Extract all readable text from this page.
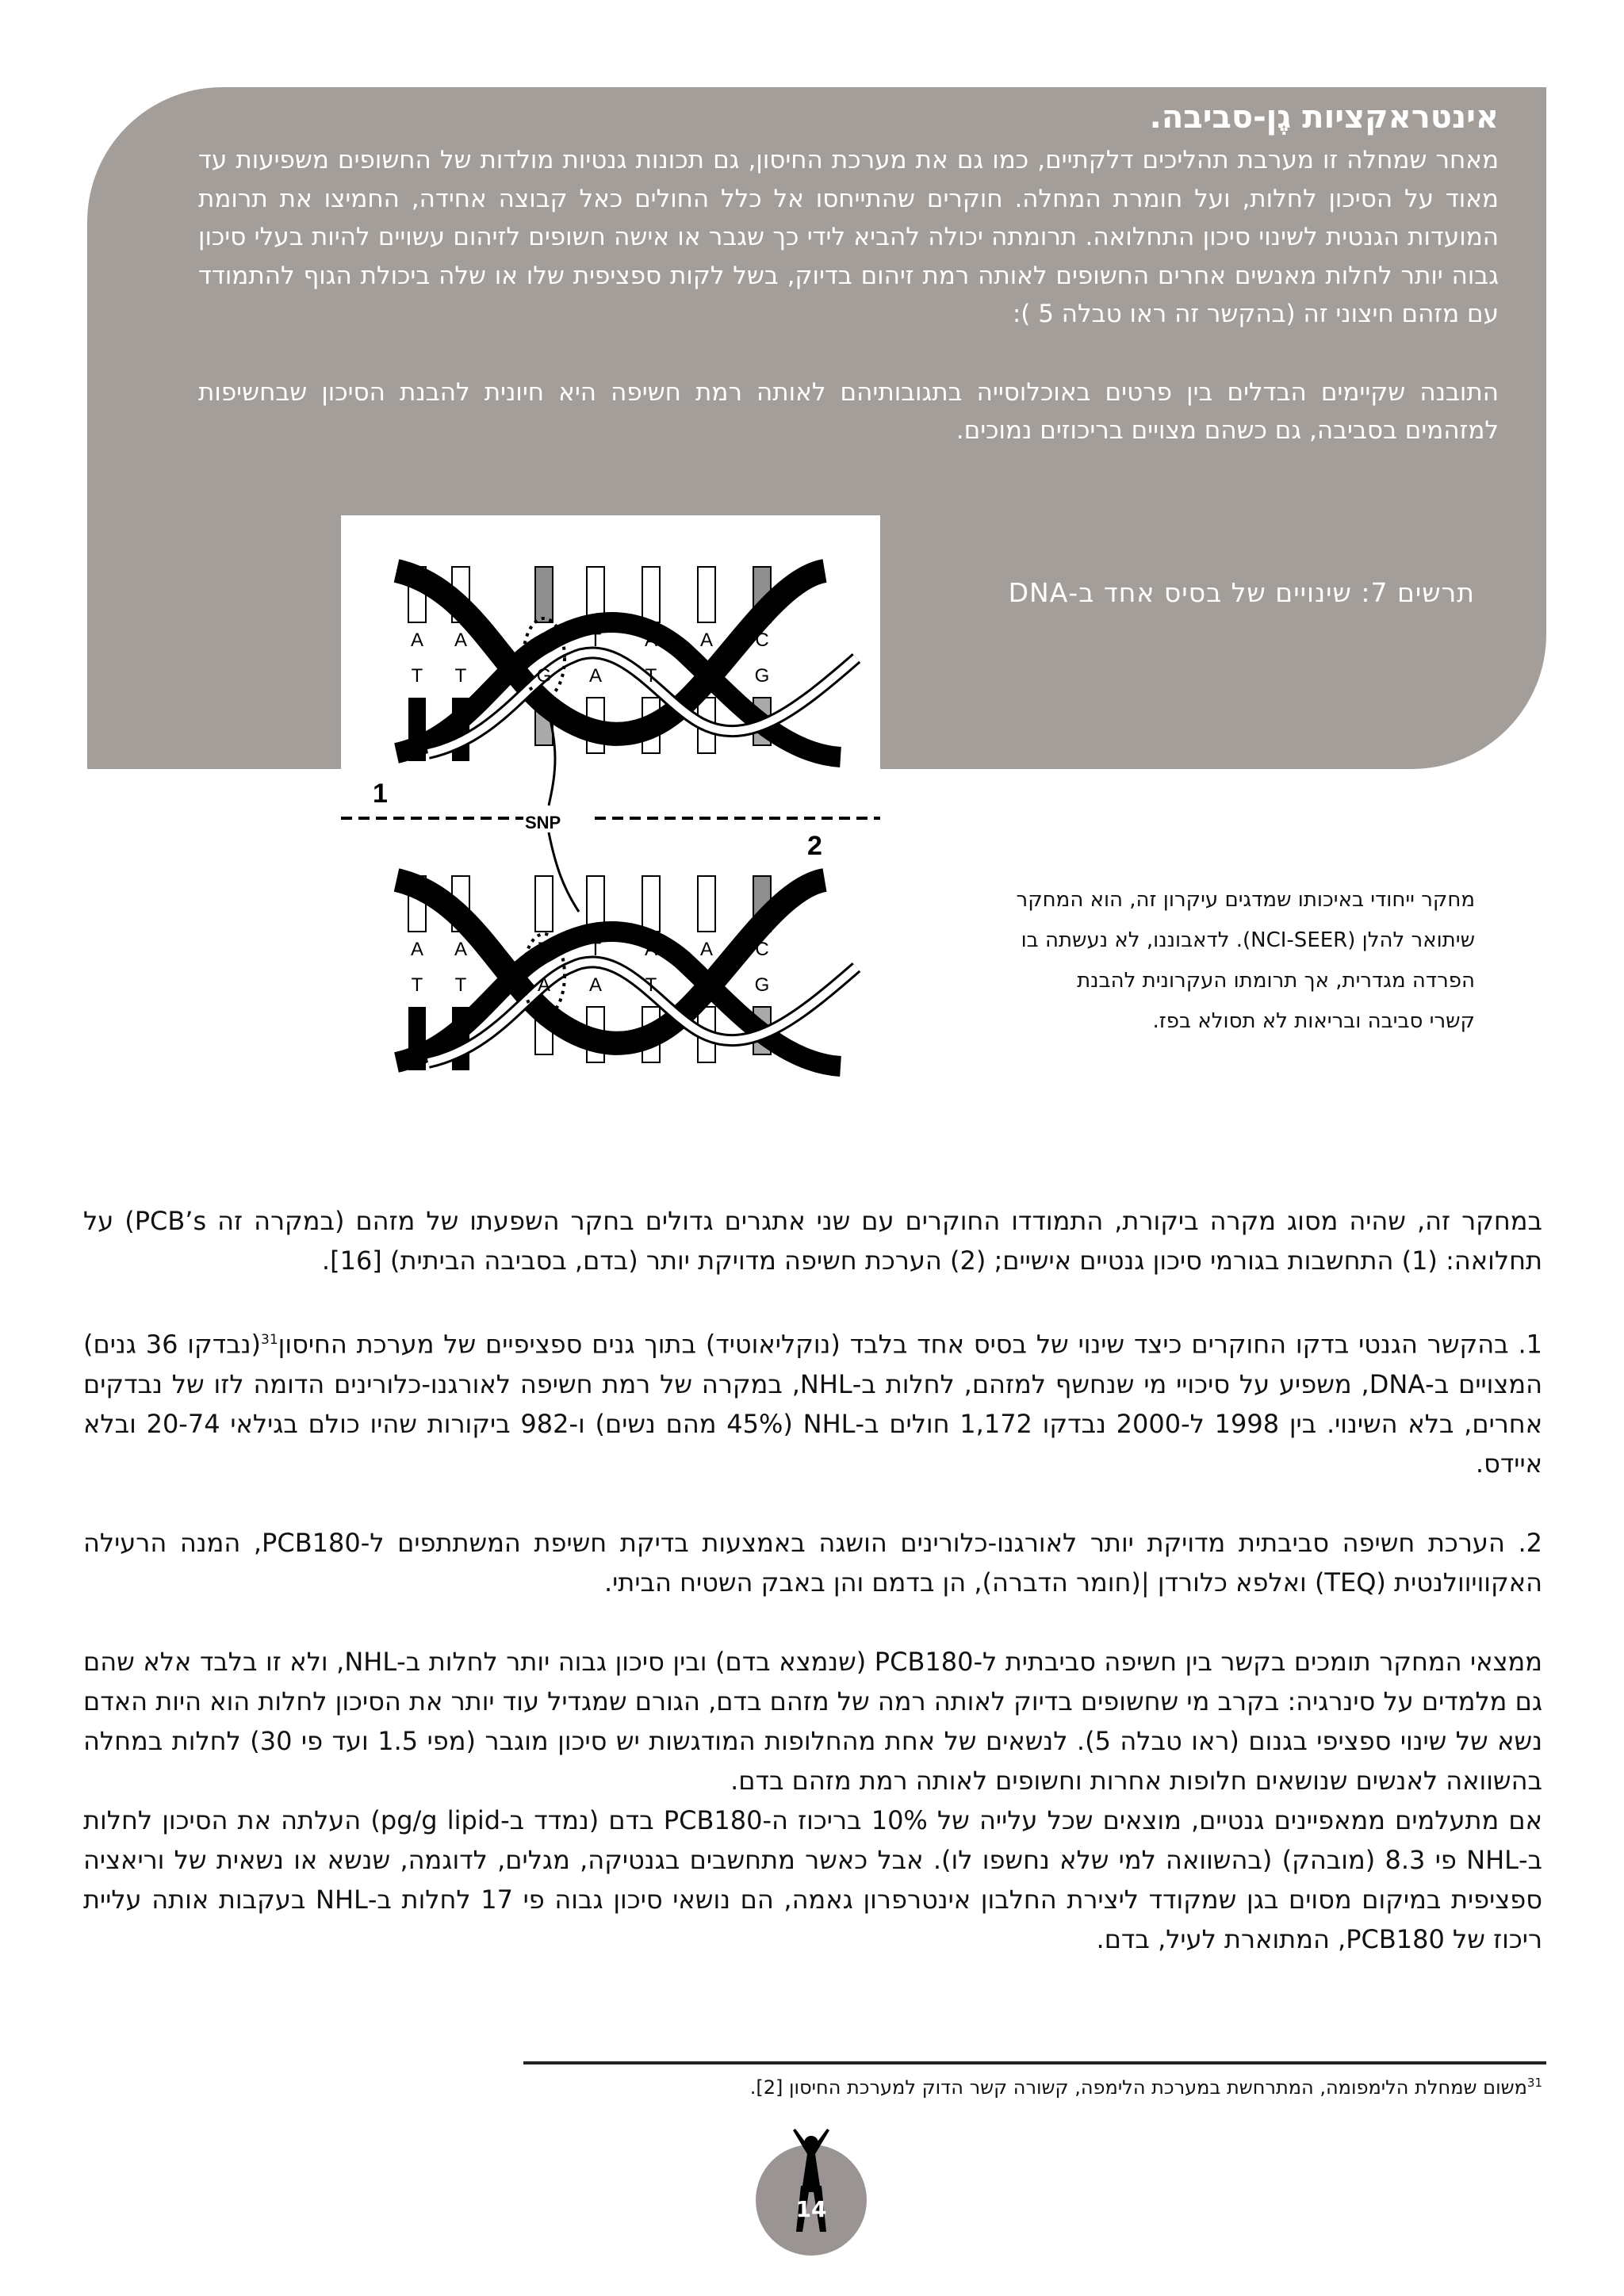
אינטראקציות גֶן-סביבה.

מאחר שמחלה זו מערבת תהליכים דלקתיים, כמו גם את מערכת החיסון, גם תכונות גנטיות מולדות של החשופים משפיעות עד מאוד על הסיכון לחלות, ועל חומרת המחלה. חוקרים שהתייחסו אל כלל החולים כאל קבוצה אחידה, החמיצו את תרומת המועדות הגנטית לשינוי סיכון התחלואה. תרומתה יכולה להביא לידי כך שגבר או אישה חשופים לזיהום עשויים להיות בעלי סיכון גבוה יותר לחלות מאנשים אחרים החשופים לאותה רמת זיהום בדיוק, בשל לקות ספציפית שלו או שלה ביכולת הגוף להתמודד עם מזהם חיצוני זה (בהקשר זה ראו טבלה 5 ):

התובנה שקיימים הבדלים בין פרטים באוכלוסייה בתגובותיהם לאותה רמת חשיפה היא חיונית להבנת הסיכון שבחשיפות למזהמים בסביבה, גם כשהם מצויים בריכוזים נמוכים.

תרשים 7: שינויים של בסיס אחד ב-DNA
A A	C T A A C
T T	G A T T G
1
SNP
2
A A	T T A A C
T T	A A T T G
מחקר ייחודי באיכותו שמדגים עיקרון זה, הוא המחקר
שיתואר להלן (NCI-SEER). לדאבוננו, לא נעשתה בו
הפרדה מגדרית, אך תרומתו העקרונית להבנת
קשרי סביבה ובריאות לא תסולא בפז.

במחקר זה, שהיה מסוג מקרה ביקורת, התמודדו החוקרים עם שני אתגרים גדולים בחקר השפעתו של מזהם (במקרה זה PCB’s) על תחלואה: (1) התחשבות בגורמי סיכון גנטיים אישיים; (2) הערכת חשיפה מדויקת יותר (בדם, בסביבה הביתית) [16].

1. בהקשר הגנטי בדקו החוקרים כיצד שינוי של בסיס אחד בלבד (נוקליאוטיד) בתוך גנים ספציפיים של מערכת החיסון$^{31}$(נבדקו 36 גנים) המצויים ב-DNA, משפיע על סיכויי מי שנחשף למזהם, לחלות ב-NHL, במקרה של רמת חשיפה לאורגנו-כלורינים הדומה לזו של נבדקים אחרים, בלא השינוי. בין 1998 ל-2000 נבדקו 1,172 חולים ב-NHL (45% מהם נשים) ו-982 ביקורות שהיו כולם בגילאי 20-74 ובלא איידס.

2. הערכת חשיפה סביבתית מדויקת יותר לאורגנו-כלורינים הושגה באמצעות בדיקת חשיפת המשתתפים ל-PCB180, המנה הרעילה האקוויוולנטית (TEQ) ואלפא כלורדן |(חומר הדברה), הן בדמם והן באבק השטיח הביתי.

ממצאי המחקר תומכים בקשר בין חשיפה סביבתית ל-PCB180 (שנמצא בדם) ובין סיכון גבוה יותר לחלות ב-NHL, ולא זו בלבד אלא שהם גם מלמדים על סינרגיה: בקרב מי שחשופים בדיוק לאותה רמה של מזהם בדם, הגורם שמגדיל עוד יותר את הסיכון לחלות הוא היות האדם נשא של שינוי ספציפי בגנום (ראו טבלה 5). לנשאים של אחת מהחלופות המודגשות יש סיכון מוגבר (מפי 1.5 ועד פי 30) לחלות במחלה בהשוואה לאנשים שנושאים חלופות אחרות וחשופים לאותה רמת מזהם בדם.

אם מתעלמים ממאפיינים גנטיים, מוצאים שכל עלייה של 10% בריכוז ה-PCB180 בדם (נמדד ב-pg/g lipid) העלתה את הסיכון לחלות ב-NHL פי 8.3 (מובהק) (בהשוואה למי שלא נחשפו לו). אבל כאשר מתחשבים בגנטיקה, מגלים, לדוגמה, שנשא או נשאית של וריאציה ספציפית במיקום מסוים בגן שמקודד ליצירת החלבון אינטרפרון גאמה, הם נושאי סיכון גבוה פי 17 לחלות ב-NHL בעקבות אותה עליית ריכוז של PCB180, המתוארת לעיל, בדם.

$^{31}$משום שמחלת הלימפומה, המתרחשת במערכת הלימפה, קשורה קשר הדוק למערכת החיסון [2].
14
